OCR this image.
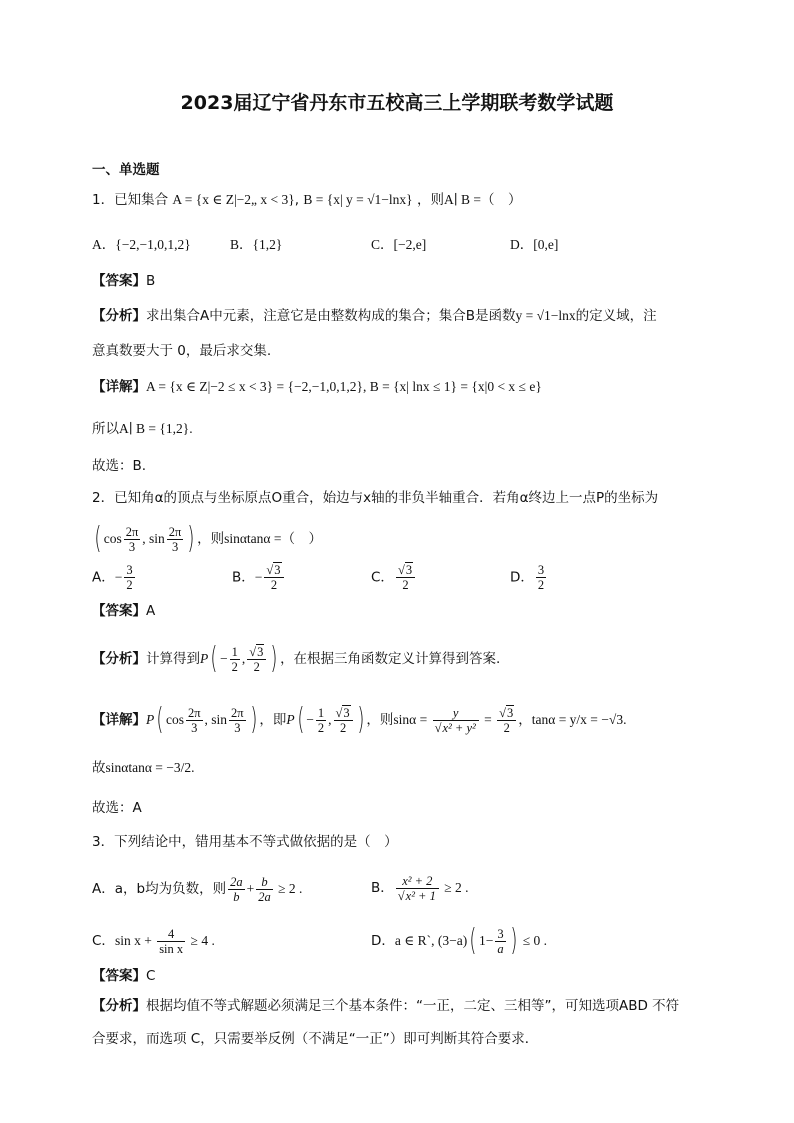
2023届辽宁省丹东市五校高三上学期联考数学试题
一、单选题
1．已知集合 A = {x ∈ Z|−2„ x < 3}, B = {x| y = √1−lnx} ，则A∣ B =（　）
A．{−2,−1,0,1,2}	B．{1,2}	C．[−2,e]	D．[0,e]
【答案】B
【分析】求出集合A中元素，注意它是由整数构成的集合；集合B是函数y = √1−lnx的定义域，注
意真数要大于 0，最后求交集.
【详解】A = {x ∈ Z|−2 ≤ x < 3} = {−2,−1,0,1,2}, B = {x| lnx ≤ 1} = {x|0 < x ≤ e}
所以A∣ B = {1,2}.
故选：B.
2．已知角α的顶点与坐标原点O重合，始边与x轴的非负半轴重合．若角α终边上一点P的坐标为
( $\cos \frac{2\pi}{3}$ , $\sin \frac{2\pi}{3}$ ) ，则sinαtanα =（　）
A．− $\frac{3}{2}$	B．− $\frac{√3}{2}$	C． $\frac{√3}{2}$	D． $\frac{3}{2}$
【答案】A
【分析】计算得到$P( - \frac{1}{2}$ , $\frac{√3}{2}$ ) ，在根据三角函数定义计算得到答案.
【详解】P( $\cos \frac{2\pi}{3}$ , $\sin \frac{2\pi}{3}$ ) ，即$P( - \frac{1}{2}$ , $\frac{√3}{2}$ ) ，则$\sin\alpha = \frac{y}{\text{√x² + y²}} = \frac{√3}{2}$ ，tanα = y/x = −√3.
故sinαtanα = −3/2.
故选：A
3．下列结论中，错用基本不等式做依据的是（　）
A．a，b均为负数，则 $\frac{2a}{b} + \frac{b}{2a} \ge 2$ .	B． $\frac{\text{x² + 2}}{\text{√x² + 1}} \ge 2$ .
C．$\sin x + \frac{4}{\text{sin x}} \ge 4$ .	D．a ∈ R`, (3−a)( $1- \frac{3}{a}$ ) ≤ 0 .
【答案】C
【分析】根据均值不等式解题必须满足三个基本条件：“一正，二定、三相等”，可知选项ABD 不符
合要求，而选项 C，只需要举反例（不满足“一正”）即可判断其符合要求．
